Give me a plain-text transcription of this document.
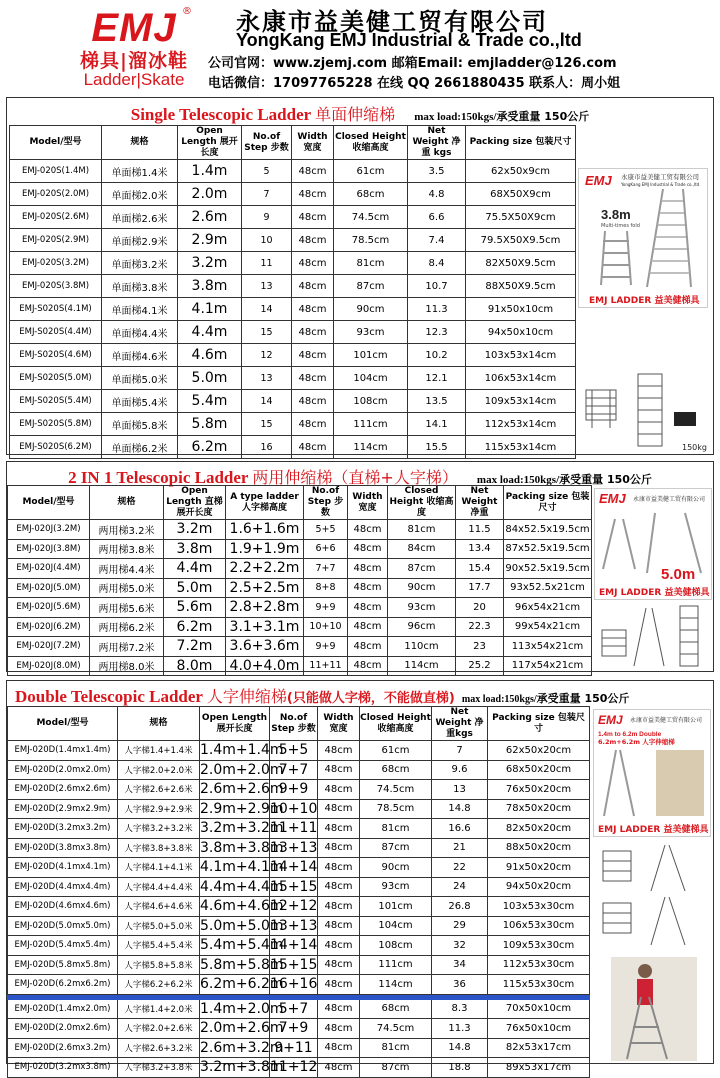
EMJ ®
梯具|溜冰鞋
Ladder|Skate
永康市益美健工贸有限公司
YongKang EMJ Industrial & Trade co.,ltd
公司官网：www.zjemj.com 邮箱Email: emjladder@126.com
电话微信：17097765228 在线 QQ 2661880435 联系人：周小姐
Single Telescopic Ladder 单面伸缩梯 max load:150kgs/承受重量 150公斤
Model/型号	规格	Open Length 展开长度	No.of Step 步数	Width 宽度	Closed Height 收缩高度	Net Weight 净重 kgs	Packing size 包装尺寸
EMJ-020S(1.4M)	单面梯1.4米	1.4m	5	48cm	61cm	3.5	62x50x9cm
EMJ-020S(2.0M)	单面梯2.0米	2.0m	7	48cm	68cm	4.8	68X50X9cm
EMJ-020S(2.6M)	单面梯2.6米	2.6m	9	48cm	74.5cm	6.6	75.5X50X9cm
EMJ-020S(2.9M)	单面梯2.9米	2.9m	10	48cm	78.5cm	7.4	79.5X50X9.5cm
EMJ-020S(3.2M)	单面梯3.2米	3.2m	11	48cm	81cm	8.4	82X50X9.5cm
EMJ-020S(3.8M)	单面梯3.8米	3.8m	13	48cm	87cm	10.7	88X50X9.5cm
EMJ-S020S(4.1M)	单面梯4.1米	4.1m	14	48cm	90cm	11.3	91x50x10cm
EMJ-S020S(4.4M)	单面梯4.4米	4.4m	15	48cm	93cm	12.3	94x50x10cm
EMJ-S020S(4.6M)	单面梯4.6米	4.6m	12	48cm	101cm	10.2	103x53x14cm
EMJ-S020S(5.0M)	单面梯5.0米	5.0m	13	48cm	104cm	12.1	106x53x14cm
EMJ-S020S(5.4M)	单面梯5.4米	5.4m	14	48cm	108cm	13.5	109x53x14cm
EMJ-S020S(5.8M)	单面梯5.8米	5.8m	15	48cm	111cm	14.1	112x53x14cm
EMJ-S020S(6.2M)	单面梯6.2米	6.2m	16	48cm	114cm	15.5	115x53x14cm
EMJ 永康市益美健工贸有限公司
YongKang EMJ Industrial & Trade co.,ltd
3.8m
Multi-times fold
EMJ LADDER 益美健梯具
150kg
2 IN 1 Telescopic Ladder 两用伸缩梯（直梯+人字梯） max load:150kgs/承受重量 150公斤
Model/型号	规格	Open Length 直梯展开长度	A type ladder 人字梯高度	No.of Step 步数	Width 宽度	Closed Height 收缩高度	Net Weight 净重	Packing size 包装尺寸
EMJ-020J(3.2M)	两用梯3.2米	3.2m	1.6+1.6m	5+5	48cm	81cm	11.5	84x52.5x19.5cm
EMJ-020J(3.8M)	两用梯3.8米	3.8m	1.9+1.9m	6+6	48cm	84cm	13.4	87x52.5x19.5cm
EMJ-020J(4.4M)	两用梯4.4米	4.4m	2.2+2.2m	7+7	48cm	87cm	15.4	90x52.5x19.5cm
EMJ-020J(5.0M)	两用梯5.0米	5.0m	2.5+2.5m	8+8	48cm	90cm	17.7	93x52.5x21cm
EMJ-020J(5.6M)	两用梯5.6米	5.6m	2.8+2.8m	9+9	48cm	93cm	20	96x54x21cm
EMJ-020J(6.2M)	两用梯6.2米	6.2m	3.1+3.1m	10+10	48cm	96cm	22.3	99x54x21cm
EMJ-020J(7.2M)	两用梯7.2米	7.2m	3.6+3.6m	9+9	48cm	110cm	23	113x54x21cm
EMJ-020J(8.0M)	两用梯8.0米	8.0m	4.0+4.0m	11+11	48cm	114cm	25.2	117x54x21cm
EMJ 永康市益美健工贸有限公司
5.0m
EMJ LADDER 益美健梯具
Double Telescopic Ladder 人字伸缩梯(只能做人字梯，不能做直梯) max load:150kgs/承受重量 150公斤
Model/型号	规格	Open Length 展开长度	No.of Step 步数	Width 宽度	Closed Height 收缩高度	Net Weight 净重kgs	Packing size 包装尺寸
EMJ-020D(1.4mx1.4m)	人字梯1.4+1.4米	1.4m+1.4m	5+5	48cm	61cm	7	62x50x20cm
EMJ-020D(2.0mx2.0m)	人字梯2.0+2.0米	2.0m+2.0m	7+7	48cm	68cm	9.6	68x50x20cm
EMJ-020D(2.6mx2.6m)	人字梯2.6+2.6米	2.6m+2.6m	9+9	48cm	74.5cm	13	76x50x20cm
EMJ-020D(2.9mx2.9m)	人字梯2.9+2.9米	2.9m+2.9m	10+10	48cm	78.5cm	14.8	78x50x20cm
EMJ-020D(3.2mx3.2m)	人字梯3.2+3.2米	3.2m+3.2m	11+11	48cm	81cm	16.6	82x50x20cm
EMJ-020D(3.8mx3.8m)	人字梯3.8+3.8米	3.8m+3.8m	13+13	48cm	87cm	21	88x50x20cm
EMJ-020D(4.1mx4.1m)	人字梯4.1+4.1米	4.1m+4.1m	14+14	48cm	90cm	22	91x50x20cm
EMJ-020D(4.4mx4.4m)	人字梯4.4+4.4米	4.4m+4.4m	15+15	48cm	93cm	24	94x50x20cm
EMJ-020D(4.6mx4.6m)	人字梯4.6+4.6米	4.6m+4.6m	12+12	48cm	101cm	26.8	103x53x30cm
EMJ-020D(5.0mx5.0m)	人字梯5.0+5.0米	5.0m+5.0m	13+13	48cm	104cm	29	106x53x30cm
EMJ-020D(5.4mx5.4m)	人字梯5.4+5.4米	5.4m+5.4m	14+14	48cm	108cm	32	109x53x30cm
EMJ-020D(5.8mx5.8m)	人字梯5.8+5.8米	5.8m+5.8m	15+15	48cm	111cm	34	112x53x30cm
EMJ-020D(6.2mx6.2m)	人字梯6.2+6.2米	6.2m+6.2m	16+16	48cm	114cm	36	115x53x30cm

EMJ-020D(1.4mx2.0m)	人字梯1.4+2.0米	1.4m+2.0m	5+7	48cm	68cm	8.3	70x50x10cm
EMJ-020D(2.0mx2.6m)	人字梯2.0+2.6米	2.0m+2.6m	7+9	48cm	74.5cm	11.3	76x50x10cm
EMJ-020D(2.6mx3.2m)	人字梯2.6+3.2米	2.6m+3.2m	9+11	48cm	81cm	14.8	82x53x17cm
EMJ-020D(3.2mx3.8m)	人字梯3.2+3.8米	3.2m+3.8m	11+12	48cm	87cm	18.8	89x53x17cm
EMJ 永康市益美健工贸有限公司
1.4m to 6.2m Double
6.2m+6.2m 人字伸缩梯
EMJ LADDER 益美健梯具
